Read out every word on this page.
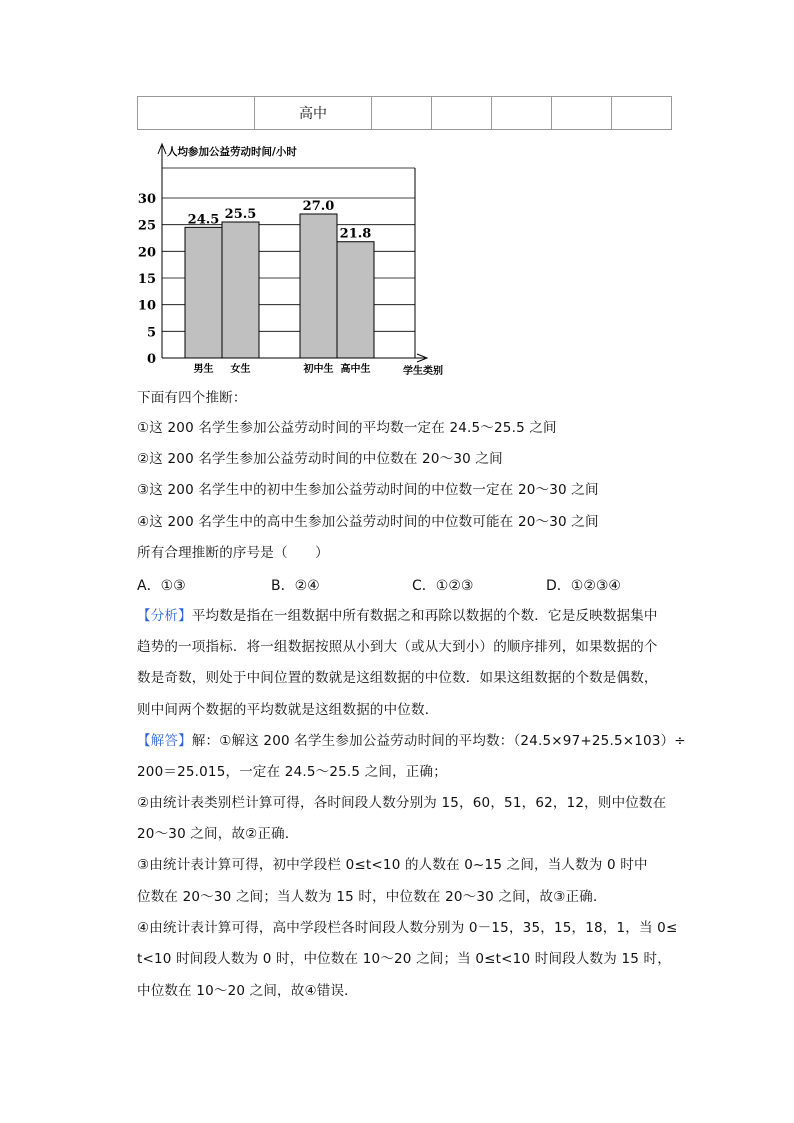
	高中					
0
5
10
15
20
25
30
人均参加公益劳动时间/小时
学生类别
24.5
男生
25.5
女生
27.0
初中生
21.8
高中生
下面有四个推断：
①这 200 名学生参加公益劳动时间的平均数一定在 24.5～25.5 之间
②这 200 名学生参加公益劳动时间的中位数在 20～30 之间
③这 200 名学生中的初中生参加公益劳动时间的中位数一定在 20～30 之间
④这 200 名学生中的高中生参加公益劳动时间的中位数可能在 20～30 之间
所有合理推断的序号是（　　）
A．①③	B．②④	C．①②③	D．①②③④
【分析】平均数是指在一组数据中所有数据之和再除以数据的个数．它是反映数据集中
趋势的一项指标．将一组数据按照从小到大（或从大到小）的顺序排列，如果数据的个
数是奇数，则处于中间位置的数就是这组数据的中位数．如果这组数据的个数是偶数，
则中间两个数据的平均数就是这组数据的中位数．
【解答】解：①解这 200 名学生参加公益劳动时间的平均数：（24.5×97+25.5×103）÷
200＝25.015，一定在 24.5～25.5 之间，正确；
②由统计表类别栏计算可得，各时间段人数分别为 15，60，51，62，12，则中位数在
20～30 之间，故②正确．
③由统计表计算可得，初中学段栏 0≤t<10 的人数在 0~15 之间，当人数为 0 时中
位数在 20～30 之间；当人数为 15 时，中位数在 20～30 之间，故③正确．
④由统计表计算可得，高中学段栏各时间段人数分别为 0－15，35，15，18，1，当 0≤
t<10 时间段人数为 0 时，中位数在 10～20 之间；当 0≤t<10 时间段人数为 15 时，
中位数在 10～20 之间，故④错误．
